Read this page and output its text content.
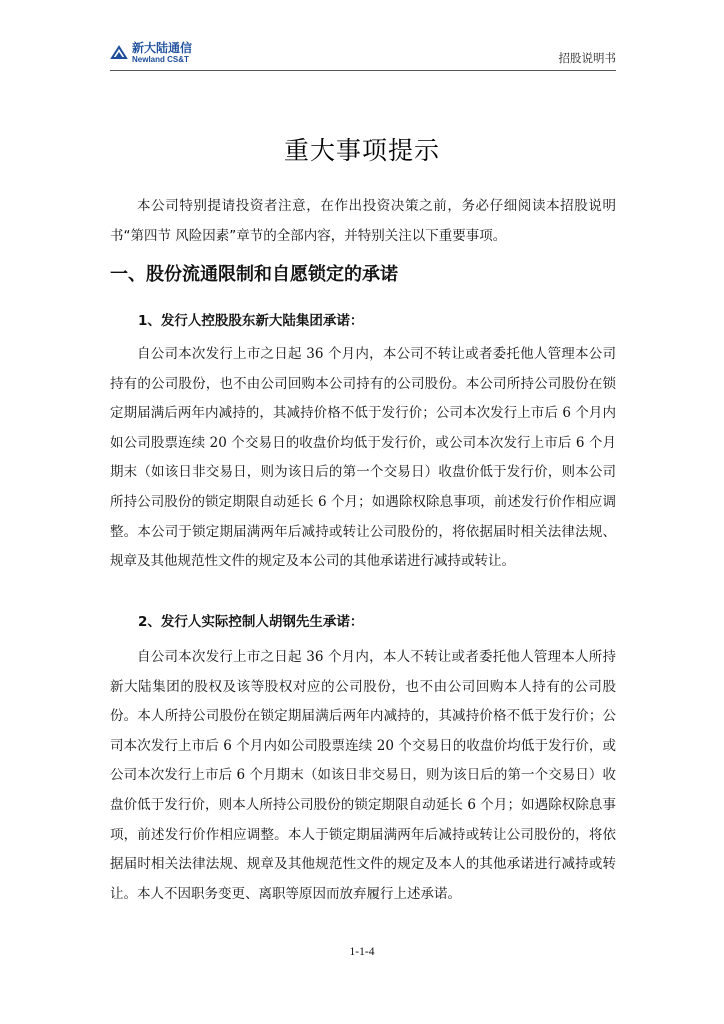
新大陆通信
Newland CS&T	招股说明书
重大事项提示

本公司特别提请投资者注意，在作出投资决策之前，务必仔细阅读本招股说明书“第四节 风险因素”章节的全部内容，并特别关注以下重要事项。

一、股份流通限制和自愿锁定的承诺

1、发行人控股股东新大陆集团承诺：

自公司本次发行上市之日起 36 个月内，本公司不转让或者委托他人管理本公司持有的公司股份，也不由公司回购本公司持有的公司股份。本公司所持公司股份在锁定期届满后两年内减持的，其减持价格不低于发行价；公司本次发行上市后 6 个月内如公司股票连续 20 个交易日的收盘价均低于发行价，或公司本次发行上市后 6 个月期末（如该日非交易日，则为该日后的第一个交易日）收盘价低于发行价，则本公司所持公司股份的锁定期限自动延长 6 个月；如遇除权除息事项，前述发行价作相应调整。本公司于锁定期届满两年后减持或转让公司股份的，将依据届时相关法律法规、规章及其他规范性文件的规定及本公司的其他承诺进行减持或转让。

2、发行人实际控制人胡钢先生承诺：

自公司本次发行上市之日起 36 个月内，本人不转让或者委托他人管理本人所持新大陆集团的股权及该等股权对应的公司股份，也不由公司回购本人持有的公司股份。本人所持公司股份在锁定期届满后两年内减持的，其减持价格不低于发行价；公司本次发行上市后 6 个月内如公司股票连续 20 个交易日的收盘价均低于发行价，或公司本次发行上市后 6 个月期末（如该日非交易日，则为该日后的第一个交易日）收盘价低于发行价，则本人所持公司股份的锁定期限自动延长 6 个月；如遇除权除息事项，前述发行价作相应调整。本人于锁定期届满两年后减持或转让公司股份的，将依据届时相关法律法规、规章及其他规范性文件的规定及本人的其他承诺进行减持或转让。本人不因职务变更、离职等原因而放弃履行上述承诺。

1-1-4
